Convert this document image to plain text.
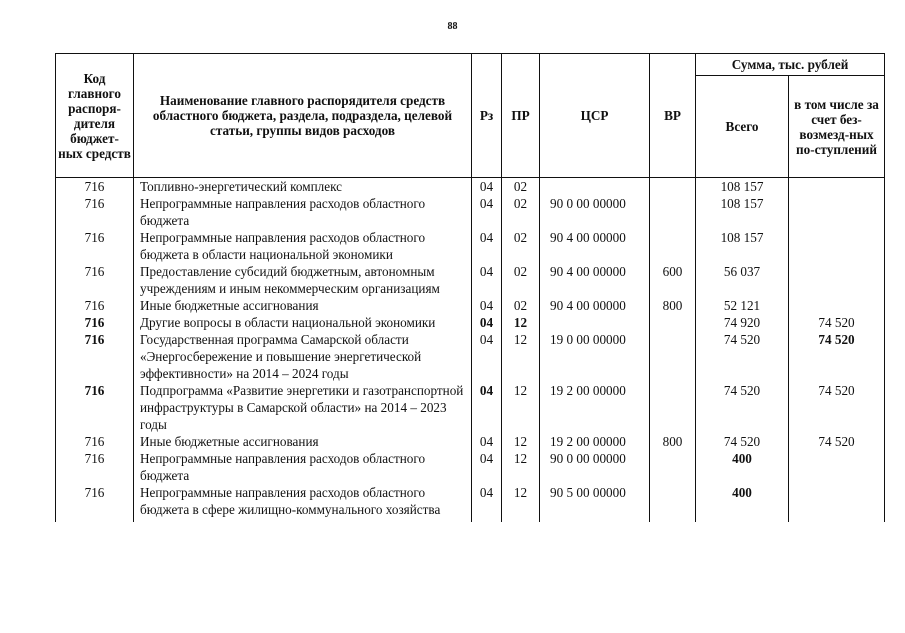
88
Код главного распоря-дителя бюджет-ных средств	Наименование главного распорядителя средств областного бюджета, раздела, подраздела, целевой статьи, группы видов расходов	Рз	ПР	ЦСР	ВР	Сумма, тыс. рублей	
						Всего	в том числе за счет без-возмезд-ных по-ступлений
716	Топливно-энергетический комплекс	04	02			108 157	
716	Непрограммные направления расходов областного бюджета	04	02	90 0 00 00000		108 157	
716	Непрограммные направления расходов областного бюджета в области национальной экономики	04	02	90 4 00 00000		108 157	
716	Предоставление субсидий бюджетным, автономным учреждениям и иным некоммерческим организациям	04	02	90 4 00 00000	600	56 037	
716	Иные бюджетные ассигнования	04	02	90 4 00 00000	800	52 121	
716	Другие вопросы в области национальной экономики	04	12			74 920	74 520
716	Государственная программа Самарской области «Энергосбережение и повышение энергетической эффективности» на 2014 – 2024 годы	04	12	19 0 00 00000		74 520	74 520
716	Подпрограмма «Развитие энергетики и газотранспортной инфраструктуры в Самарской области» на 2014 – 2023 годы	04	12	19 2 00 00000		74 520	74 520
716	Иные бюджетные ассигнования	04	12	19 2 00 00000	800	74 520	74 520
716	Непрограммные направления расходов областного бюджета	04	12	90 0 00 00000		400	
716	Непрограммные направления расходов областного бюджета в сфере жилищно-коммунального хозяйства	04	12	90 5 00 00000		400	
